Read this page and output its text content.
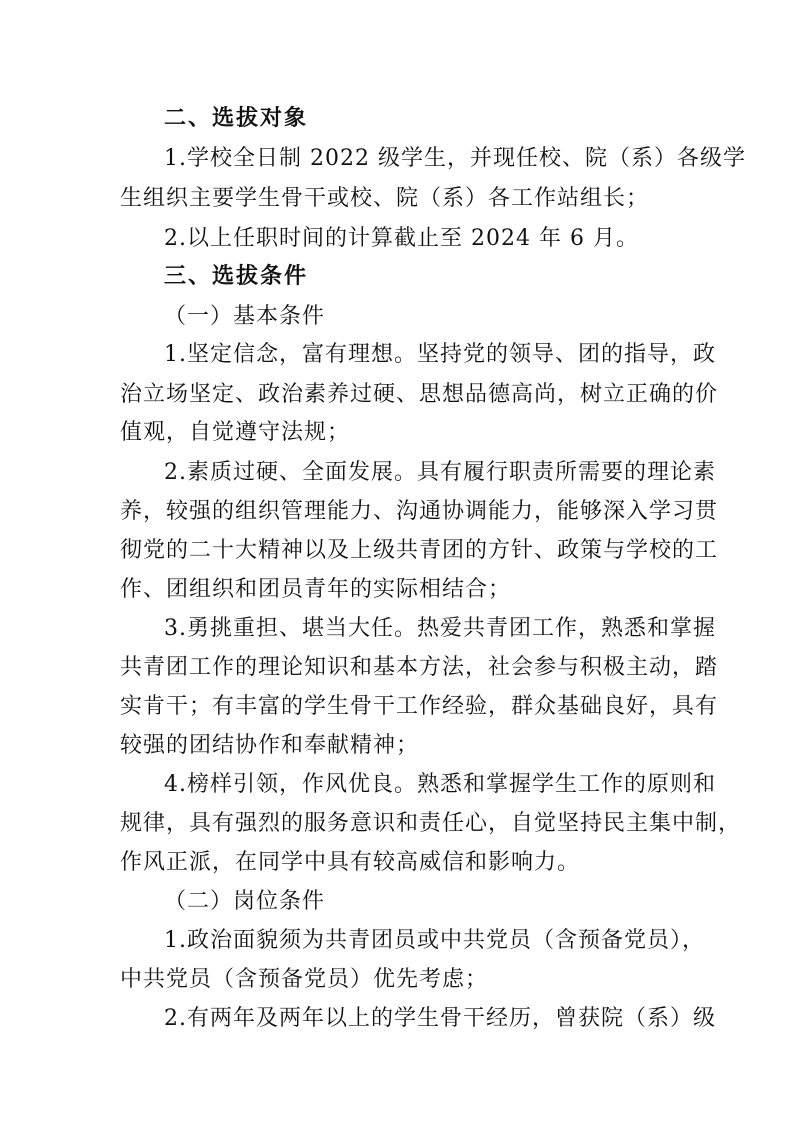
二、选拔对象
1.学校全日制 2022 级学生，并现任校、院（系）各级学
生组织主要学生骨干或校、院（系）各工作站组长；
2.以上任职时间的计算截止至 2024 年 6 月。
三、选拔条件
（一）基本条件
1.坚定信念，富有理想。坚持党的领导、团的指导，政
治立场坚定、政治素养过硬、思想品德高尚，树立正确的价
值观，自觉遵守法规；
2.素质过硬、全面发展。具有履行职责所需要的理论素
养，较强的组织管理能力、沟通协调能力，能够深入学习贯
彻党的二十大精神以及上级共青团的方针、政策与学校的工
作、团组织和团员青年的实际相结合；
3.勇挑重担、堪当大任。热爱共青团工作，熟悉和掌握
共青团工作的理论知识和基本方法，社会参与积极主动，踏
实肯干；有丰富的学生骨干工作经验，群众基础良好，具有
较强的团结协作和奉献精神；
4.榜样引领，作风优良。熟悉和掌握学生工作的原则和
规律，具有强烈的服务意识和责任心，自觉坚持民主集中制，
作风正派，在同学中具有较高威信和影响力。
（二）岗位条件
1.政治面貌须为共青团员或中共党员（含预备党员），
中共党员（含预备党员）优先考虑；
2.有两年及两年以上的学生骨干经历，曾获院（系）级
